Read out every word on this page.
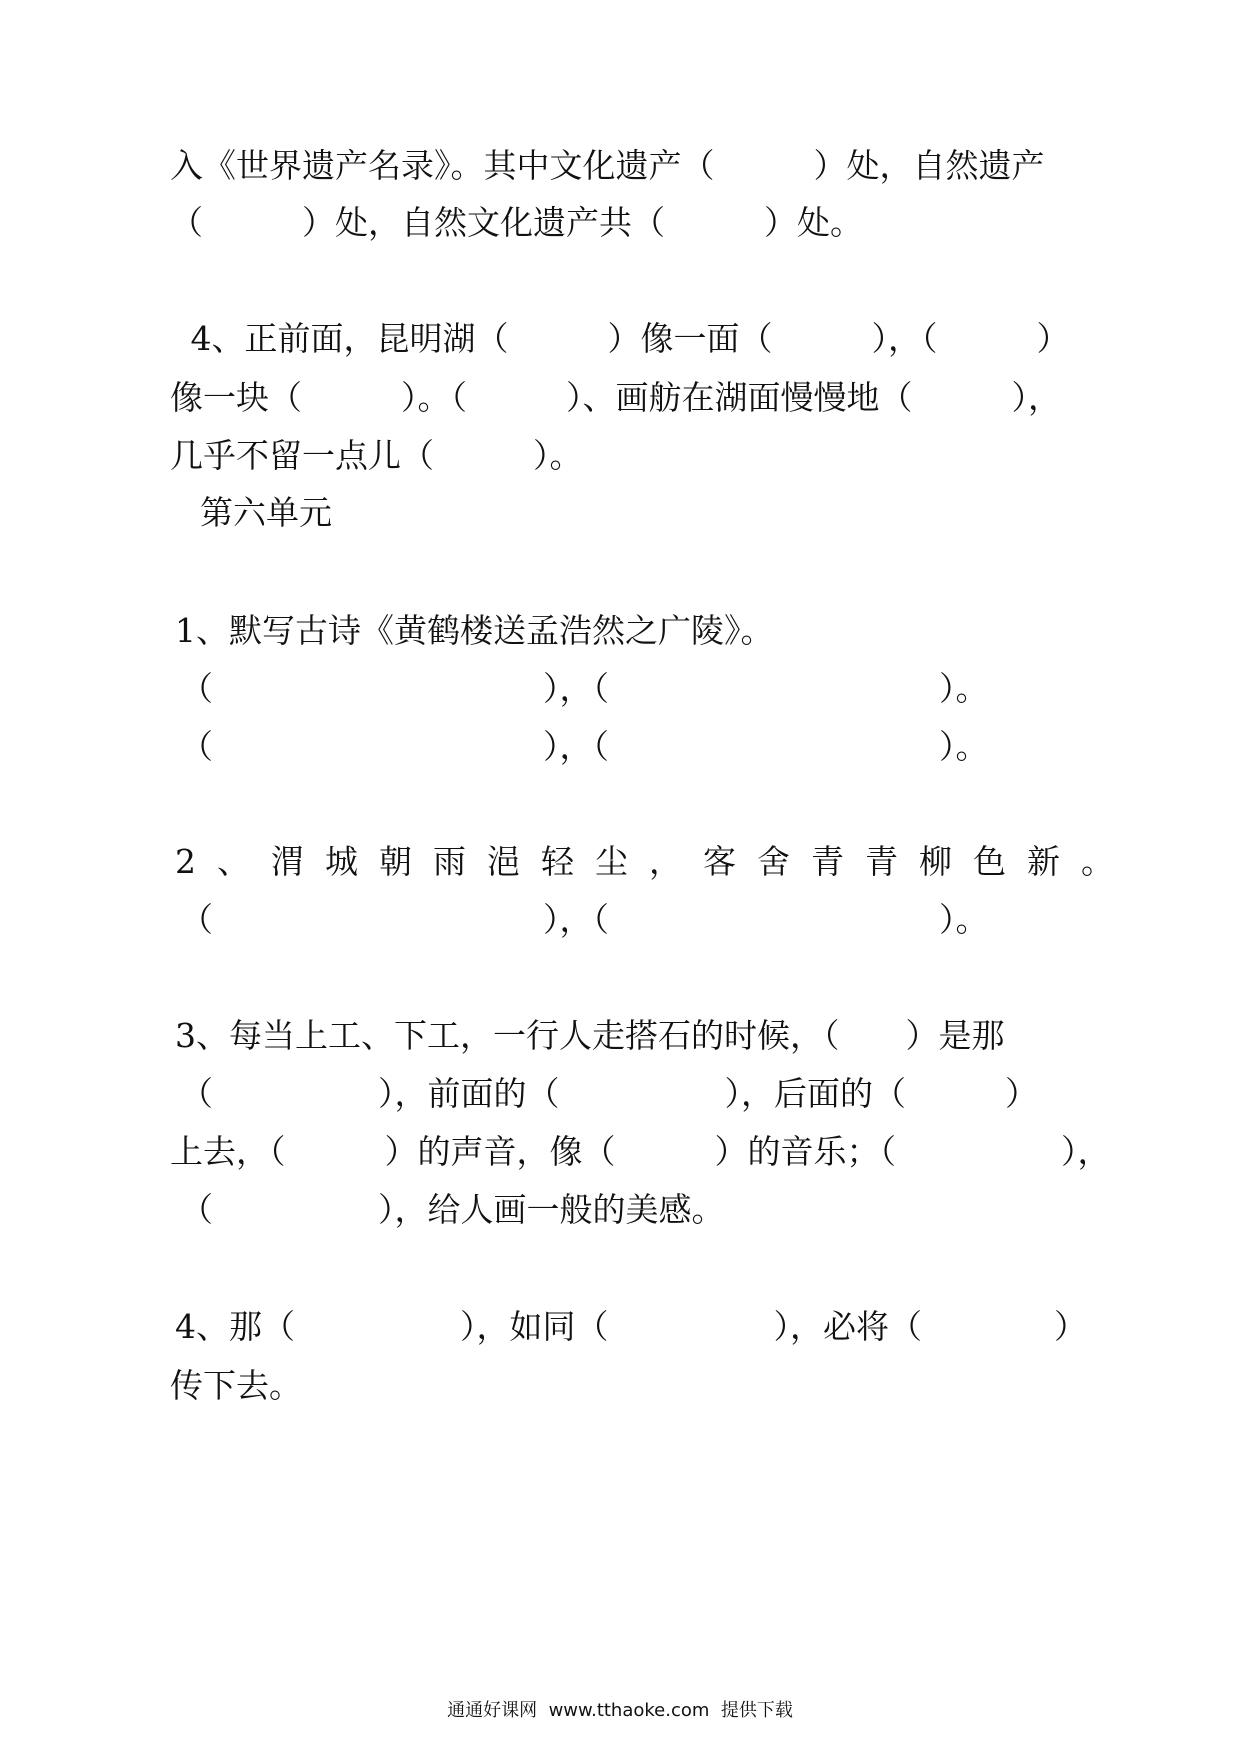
入《世界遗产名录》。其中文化遗产（　　　）处，自然遗产
（　　　）处，自然文化遗产共（　　　）处。
4、正前面，昆明湖（　　　）像一面（　　　），（　　　）
像一块（　　　）。（　　　）、画舫在湖面慢慢地（　　　），
几乎不留一点儿（　　　）。
第六单元
1、默写古诗《黄鹤楼送孟浩然之广陵》。
（　　　　　　　　　　），（　　　　　　　　　　）。
（　　　　　　　　　　），（　　　　　　　　　　）。
2、渭城朝雨浥轻尘，客舍青青柳色新。
（　　　　　　　　　　），（　　　　　　　　　　）。
3、每当上工、下工，一行人走搭石的时候，（　　）是那
（　　　　　），前面的（　　　　　），后面的（　　　）
上去，（　　　）的声音，像（　　　）的音乐；（　　　　　），
（　　　　　），给人画一般的美感。
4、那（　　　　　），如同（　　　　　），必将（　　　　）
传下去。
通通好课网  www.tthaoke.com  提供下载
